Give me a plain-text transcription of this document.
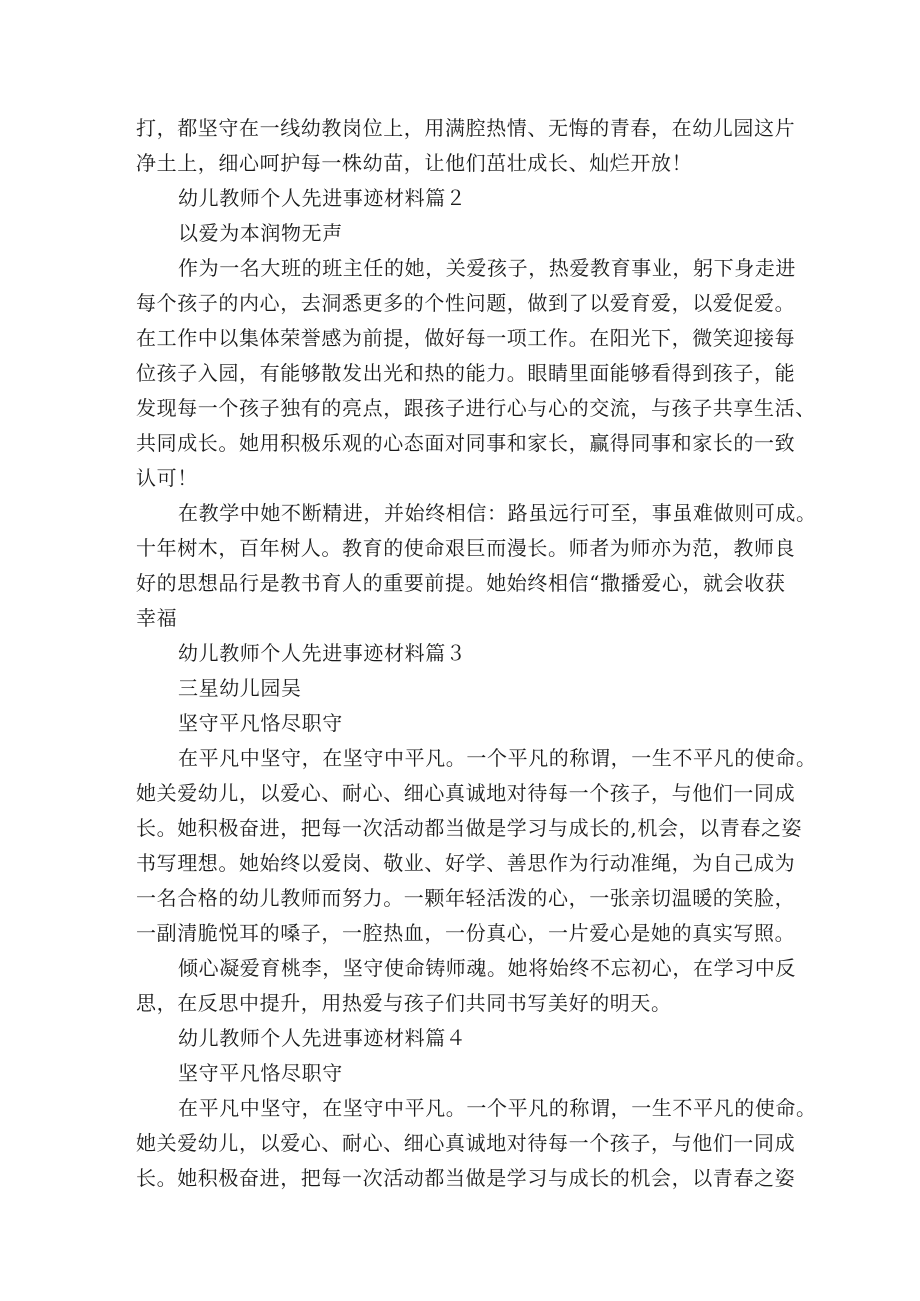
打，都坚守在一线幼教岗位上，用满腔热情、无悔的青春，在幼儿园这片
净土上，细心呵护每一株幼苗，让他们茁壮成长、灿烂开放！
幼儿教师个人先进事迹材料篇２
以爱为本润物无声
作为一名大班的班主任的她，关爱孩子，热爱教育事业，躬下身走进
每个孩子的内心，去洞悉更多的个性问题，做到了以爱育爱，以爱促爱。
在工作中以集体荣誉感为前提，做好每一项工作。在阳光下，微笑迎接每
位孩子入园，有能够散发出光和热的能力。眼睛里面能够看得到孩子，能
发现每一个孩子独有的亮点，跟孩子进行心与心的交流，与孩子共享生活、
共同成长。她用积极乐观的心态面对同事和家长，赢得同事和家长的一致
认可！
在教学中她不断精进，并始终相信：路虽远行可至，事虽难做则可成。
十年树木，百年树人。教育的使命艰巨而漫长。师者为师亦为范，教师良
好的思想品行是教书育人的重要前提。她始终相信“撒播爱心，就会收获
幸福
幼儿教师个人先进事迹材料篇３
三星幼儿园吴
坚守平凡恪尽职守
在平凡中坚守，在坚守中平凡。一个平凡的称谓，一生不平凡的使命。
她关爱幼儿，以爱心、耐心、细心真诚地对待每一个孩子，与他们一同成
长。她积极奋进，把每一次活动都当做是学习与成长的,机会，以青春之姿
书写理想。她始终以爱岗、敬业、好学、善思作为行动准绳，为自己成为
一名合格的幼儿教师而努力。一颗年轻活泼的心，一张亲切温暖的笑脸，
一副清脆悦耳的嗓子，一腔热血，一份真心，一片爱心是她的真实写照。
倾心凝爱育桃李，坚守使命铸师魂。她将始终不忘初心，在学习中反
思，在反思中提升，用热爱与孩子们共同书写美好的明天。
幼儿教师个人先进事迹材料篇４
坚守平凡恪尽职守
在平凡中坚守，在坚守中平凡。一个平凡的称谓，一生不平凡的使命。
她关爱幼儿，以爱心、耐心、细心真诚地对待每一个孩子，与他们一同成
长。她积极奋进，把每一次活动都当做是学习与成长的机会，以青春之姿
